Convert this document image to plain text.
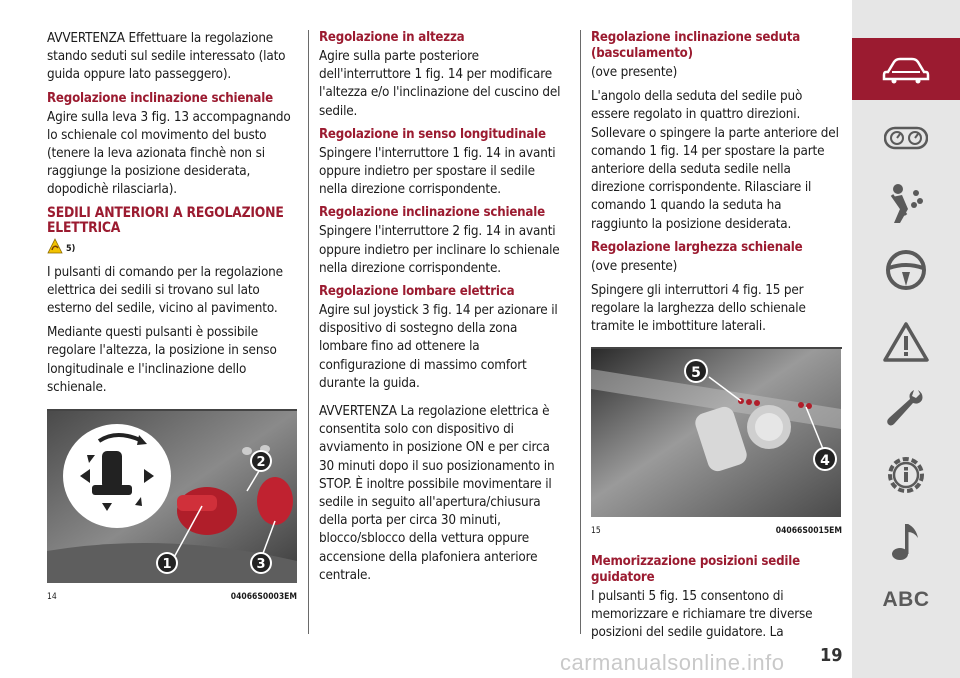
AVVERTENZA Effettuare la regolazione stando seduti sul sedile interessato (lato guida oppure lato passeggero).

Regolazione inclinazione schienale

Agire sulla leva 3 fig. 13 accompagnando lo schienale col movimento del busto (tenere la leva azionata finchè non si raggiunge la posizione desiderata, dopodichè rilasciarla).

SEDILI ANTERIORI A REGOLAZIONE ELETTRICA
5)

I pulsanti di comando per la regolazione elettrica dei sedili si trovano sul lato esterno del sedile, vicino al pavimento.

Mediante questi pulsanti è possibile regolare l'altezza, la posizione in senso longitudinale e l'inclinazione dello schienale.

1
2
3
14	04066S0003EM
Regolazione in altezza

Agire sulla parte posteriore dell'interruttore 1 fig. 14 per modificare l'altezza e/o l'inclinazione del cuscino del sedile.

Regolazione in senso longitudinale

Spingere l'interruttore 1 fig. 14 in avanti oppure indietro per spostare il sedile nella direzione corrispondente.

Regolazione inclinazione schienale

Spingere l'interruttore 2 fig. 14 in avanti oppure indietro per inclinare lo schienale nella direzione corrispondente.

Regolazione lombare elettrica

Agire sul joystick 3 fig. 14 per azionare il dispositivo di sostegno della zona lombare fino ad ottenere la configurazione di massimo comfort durante la guida.

AVVERTENZA La regolazione elettrica è consentita solo con dispositivo di avviamento in posizione ON e per circa 30 minuti dopo il suo posizionamento in STOP. È inoltre possibile movimentare il sedile in seguito all'apertura/chiusura della porta per circa 30 minuti, blocco/sblocco della vettura oppure accensione della plafoniera anteriore centrale.

Regolazione inclinazione seduta (basculamento)

(ove presente)

L'angolo della seduta del sedile può essere regolato in quattro direzioni. Sollevare o spingere la parte anteriore del comando 1 fig. 14 per spostare la parte anteriore della seduta sedile nella direzione corrispondente. Rilasciare il comando 1 quando la seduta ha raggiunto la posizione desiderata.

Regolazione larghezza schienale

(ove presente)

Spingere gli interruttori 4 fig. 15 per regolare la larghezza dello schienale tramite le imbottiture laterali.

5
4
15	04066S0015EM
Memorizzazione posizioni sedile guidatore

I pulsanti 5 fig. 15 consentono di memorizzare e richiamare tre diverse posizioni del sedile guidatore. La

ABC
carmanualsonline.info 19
